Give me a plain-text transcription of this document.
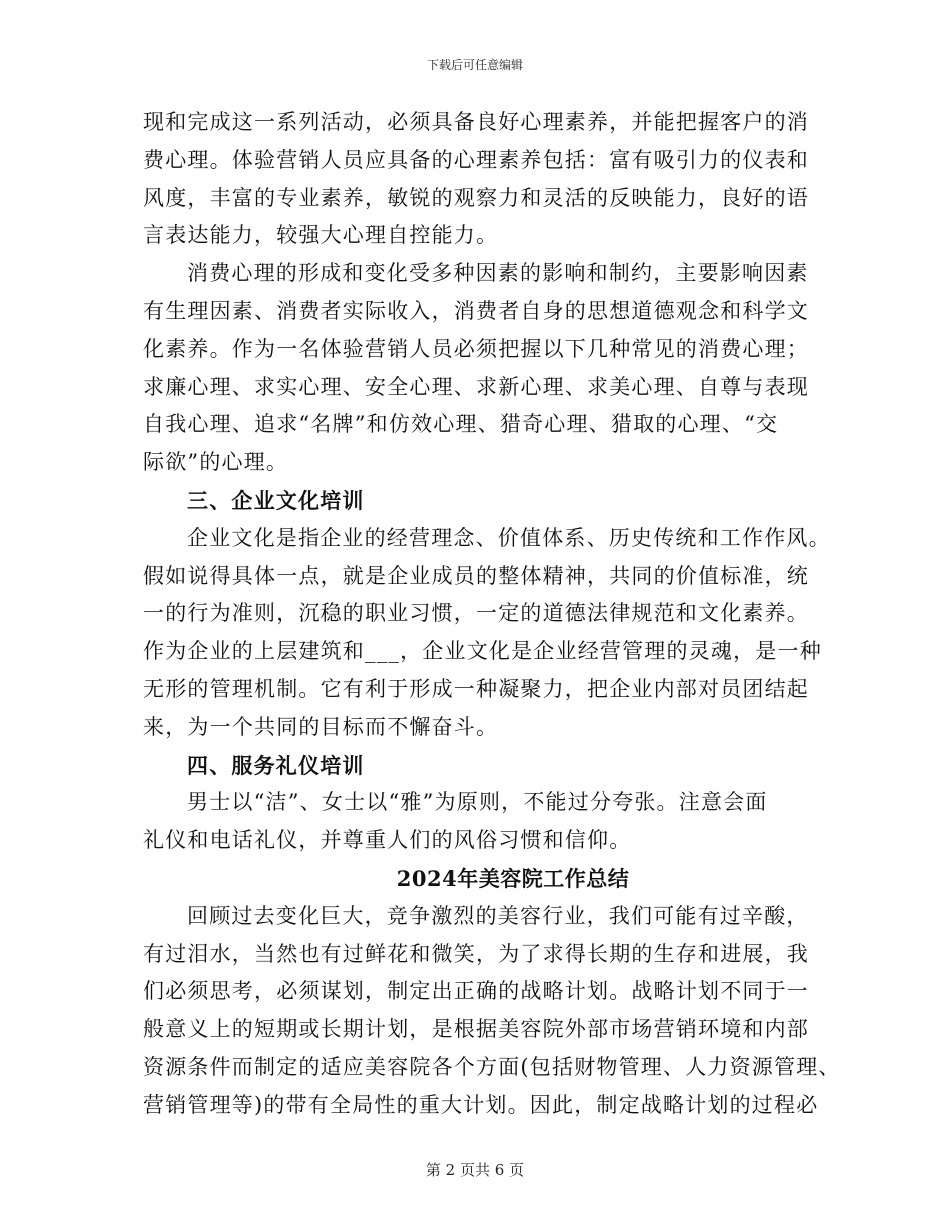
下载后可任意编辑
现和完成这一系列活动，必须具备良好心理素养，并能把握客户的消
费心理。体验营销人员应具备的心理素养包括：富有吸引力的仪表和
风度，丰富的专业素养，敏锐的观察力和灵活的反映能力，良好的语
言表达能力，较强大心理自控能力。
消费心理的形成和变化受多种因素的影响和制约，主要影响因素
有生理因素、消费者实际收入，消费者自身的思想道德观念和科学文
化素养。作为一名体验营销人员必须把握以下几种常见的消费心理；
求廉心理、求实心理、安全心理、求新心理、求美心理、自尊与表现
自我心理、追求“名牌”和仿效心理、猎奇心理、猎取的心理、“交
际欲”的心理。
三、企业文化培训
企业文化是指企业的经营理念、价值体系、历史传统和工作作风。
假如说得具体一点，就是企业成员的整体精神，共同的价值标准，统
一的行为准则，沉稳的职业习惯，一定的道德法律规范和文化素养。
作为企业的上层建筑和___，企业文化是企业经营管理的灵魂，是一种
无形的管理机制。它有利于形成一种凝聚力，把企业内部对员团结起
来，为一个共同的目标而不懈奋斗。
四、服务礼仪培训
男士以“洁”、女士以“雅”为原则，不能过分夸张。注意会面
礼仪和电话礼仪，并尊重人们的风俗习惯和信仰。
2024年美容院工作总结
回顾过去变化巨大，竞争激烈的美容行业，我们可能有过辛酸，
有过泪水，当然也有过鲜花和微笑，为了求得长期的生存和进展，我
们必须思考，必须谋划，制定出正确的战略计划。战略计划不同于一
般意义上的短期或长期计划，是根据美容院外部市场营销环境和内部
资源条件而制定的适应美容院各个方面(包括财物管理、人力资源管理、
营销管理等)的带有全局性的重大计划。因此，制定战略计划的过程必
第 2 页共 6 页
